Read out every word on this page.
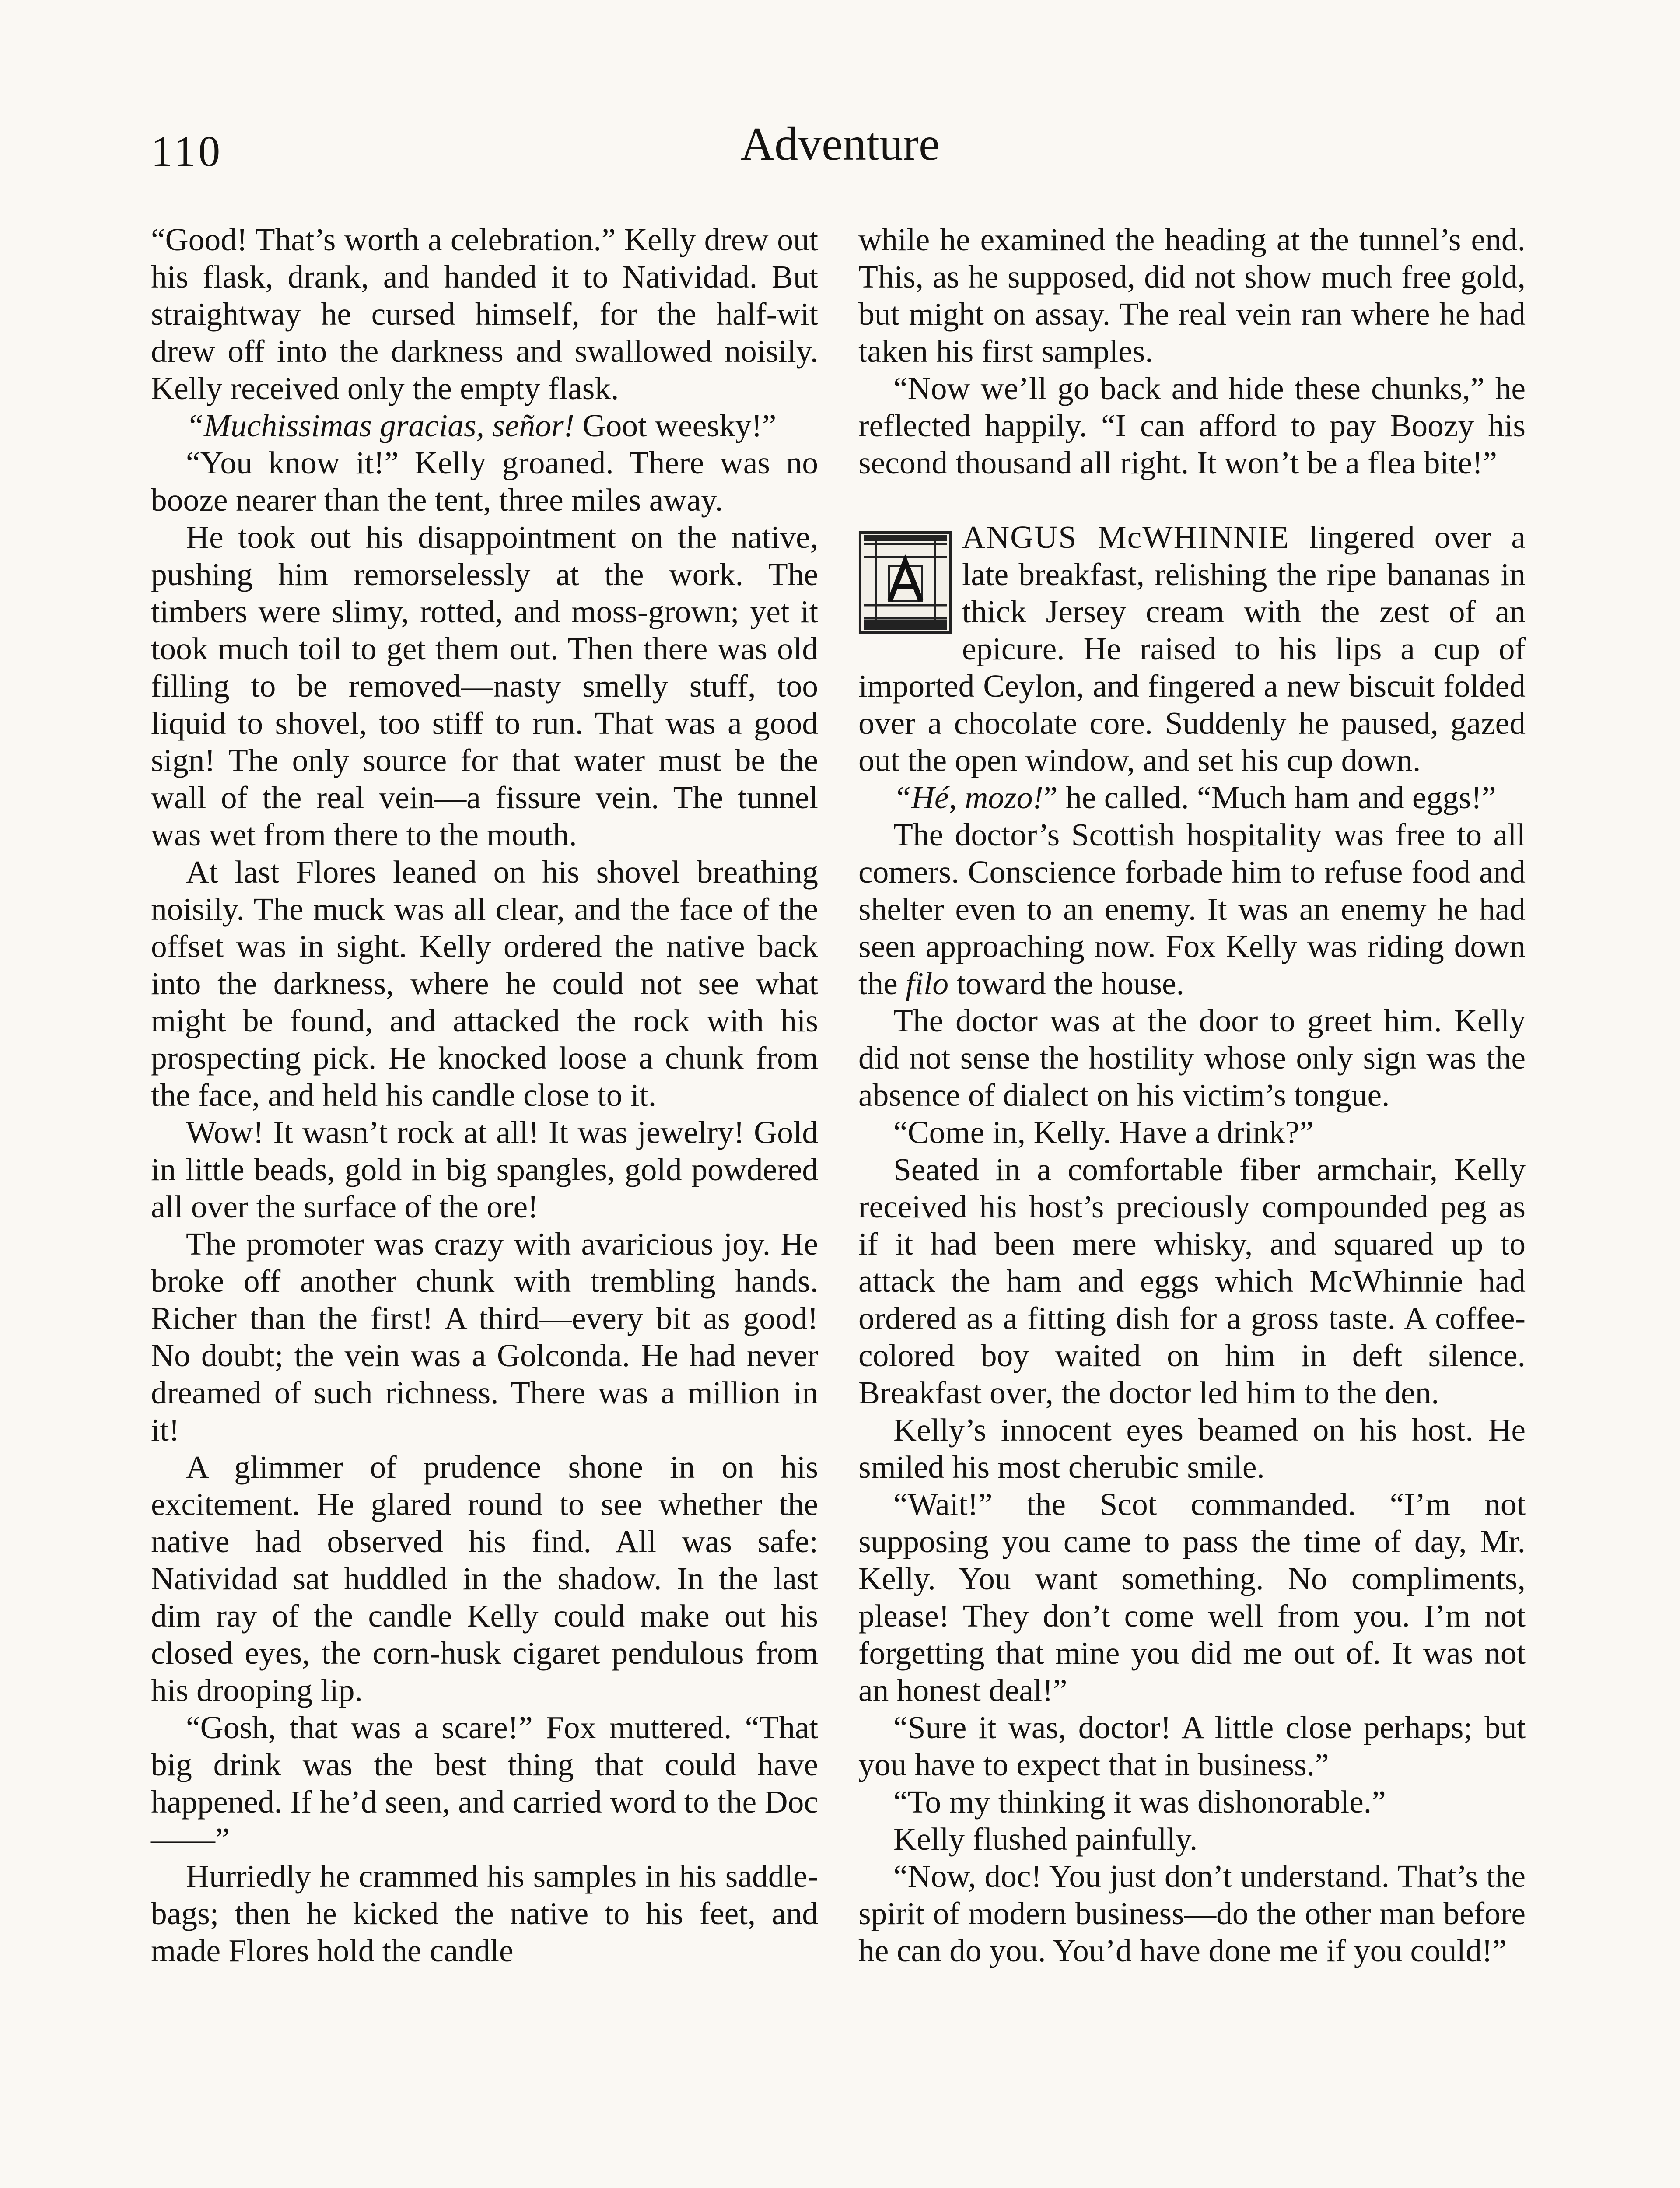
110	Adventure

“Good! That’s worth a celebration.” Kelly drew out his flask, drank, and handed it to Natividad. But straightway he cursed himself, for the half-wit drew off into the darkness and swallowed noisily. Kelly received only the empty flask.

“Muchissimas gracias, señor! Goot weesky!”

“You know it!” Kelly groaned. There was no booze nearer than the tent, three miles away.

He took out his disappointment on the native, pushing him remorselessly at the work. The timbers were slimy, rotted, and moss-grown; yet it took much toil to get them out. Then there was old filling to be removed—nasty smelly stuff, too liquid to shovel, too stiff to run. That was a good sign! The only source for that water must be the wall of the real vein—a fissure vein. The tunnel was wet from there to the mouth.

At last Flores leaned on his shovel breathing noisily. The muck was all clear, and the face of the offset was in sight. Kelly ordered the native back into the darkness, where he could not see what might be found, and attacked the rock with his prospecting pick. He knocked loose a chunk from the face, and held his candle close to it.

Wow! It wasn’t rock at all! It was jewelry! Gold in little beads, gold in big spangles, gold powdered all over the surface of the ore!

The promoter was crazy with avaricious joy. He broke off another chunk with trembling hands. Richer than the first! A third—every bit as good! No doubt; the vein was a Golconda. He had never dreamed of such richness. There was a million in it!

A glimmer of prudence shone in on his excitement. He glared round to see whether the native had observed his find. All was safe: Natividad sat huddled in the shadow. In the last dim ray of the candle Kelly could make out his closed eyes, the corn-husk cigaret pendulous from his drooping lip.

“Gosh, that was a scare!” Fox muttered. “That big drink was the best thing that could have happened. If he’d seen, and carried word to the Doc——”

Hurriedly he crammed his samples in his saddle-bags; then he kicked the native to his feet, and made Flores hold the candle

while he examined the heading at the tunnel’s end. This, as he supposed, did not show much free gold, but might on assay. The real vein ran where he had taken his first samples.

“Now we’ll go back and hide these chunks,” he reflected happily. “I can afford to pay Boozy his second thousand all right. It won’t be a flea bite!”

ANGUS McWHINNIE lingered over a late breakfast, relishing the ripe bananas in thick Jersey cream with the zest of an epicure. He raised to his lips a cup of imported Ceylon, and fingered a new biscuit folded over a chocolate core. Suddenly he paused, gazed out the open window, and set his cup down.

“Hé, mozo!” he called. “Much ham and eggs!”

The doctor’s Scottish hospitality was free to all comers. Conscience forbade him to refuse food and shelter even to an enemy. It was an enemy he had seen approaching now. Fox Kelly was riding down the filo toward the house.

The doctor was at the door to greet him. Kelly did not sense the hostility whose only sign was the absence of dialect on his victim’s tongue.

“Come in, Kelly. Have a drink?”

Seated in a comfortable fiber armchair, Kelly received his host’s preciously compounded peg as if it had been mere whisky, and squared up to attack the ham and eggs which McWhinnie had ordered as a fitting dish for a gross taste. A coffee-colored boy waited on him in deft silence. Breakfast over, the doctor led him to the den.

Kelly’s innocent eyes beamed on his host. He smiled his most cherubic smile.

“Wait!” the Scot commanded. “I’m not supposing you came to pass the time of day, Mr. Kelly. You want something. No compliments, please! They don’t come well from you. I’m not forgetting that mine you did me out of. It was not an honest deal!”

“Sure it was, doctor! A little close perhaps; but you have to expect that in business.”

“To my thinking it was dishonorable.”

Kelly flushed painfully.

“Now, doc! You just don’t understand. That’s the spirit of modern business—do the other man before he can do you. You’d have done me if you could!”
